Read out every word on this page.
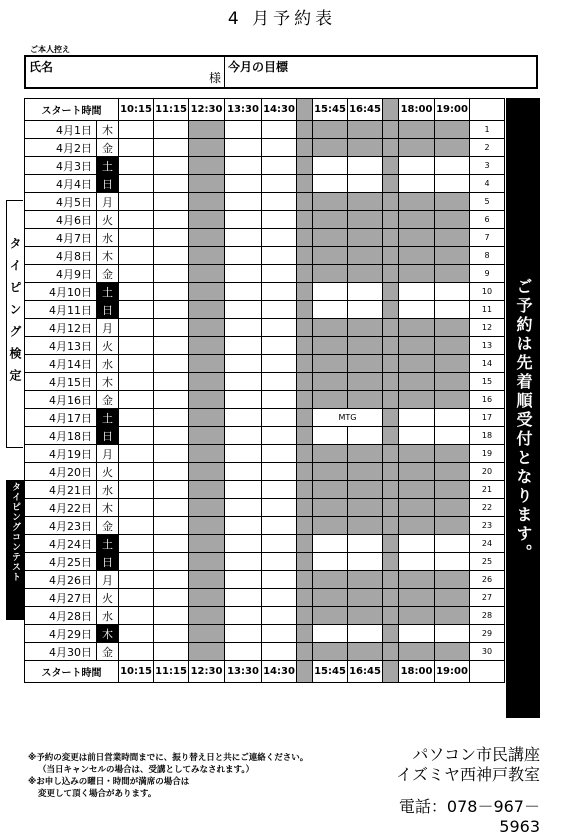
4 月予約表
ご本人控え
氏名
様
今月の目標
スタート時間		10:15	11:15	12:30	13:30	14:30		15:45	16:45		18:00	19:00	
4月1日	木												1
4月2日	金												2
4月3日	土												3
4月4日	日												4
4月5日	月												5
4月6日	火												6
4月7日	水												7
4月8日	木												8
4月9日	金												9
4月10日	土												10
4月11日	日												11
4月12日	月												12
4月13日	火												13
4月14日	水												14
4月15日	木												15
4月16日	金												16
4月17日	土							MTG					17
4月18日	日												18
4月19日	月												19
4月20日	火												20
4月21日	水												21
4月22日	木												22
4月23日	金												23
4月24日	土												24
4月25日	日												25
4月26日	月												26
4月27日	火												27
4月28日	水												28
4月29日	木												29
4月30日	金												30
スタート時間		10:15	11:15	12:30	13:30	14:30		15:45	16:45		18:00	19:00	
ご予約は先着順受付となります。
タイピング検定
タイピングコンテスト
※予約の変更は前日営業時間までに、振り替え日と共にご連絡ください。
（当日キャンセルの場合は、受講としてみなされます。）
※お申し込みの曜日・時間が満席の場合は
変更して頂く場合があります。
パソコン市民講座
イズミヤ西神戸教室
電話：078－967－5963
